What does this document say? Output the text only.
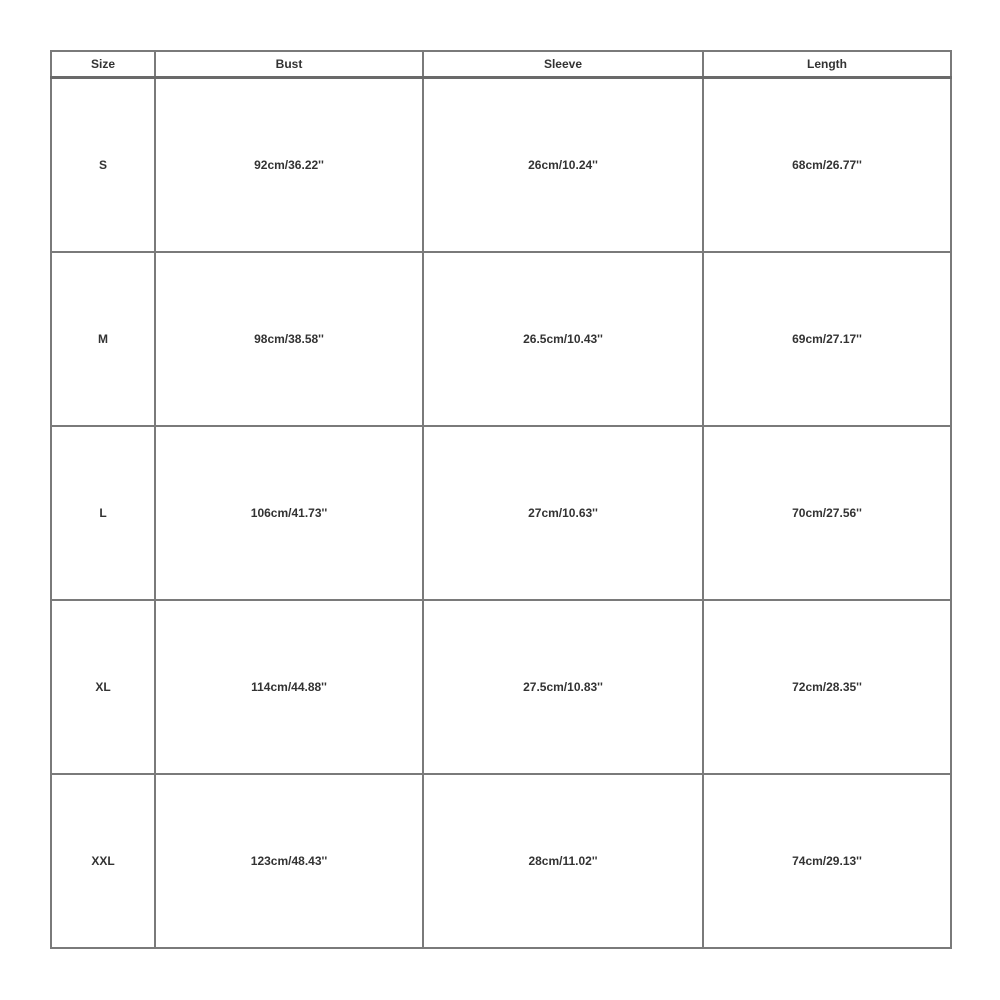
Size	Bust	Sleeve	Length
S	92cm/36.22''	26cm/10.24''	68cm/26.77''
M	98cm/38.58''	26.5cm/10.43''	69cm/27.17''
L	106cm/41.73''	27cm/10.63''	70cm/27.56''
XL	114cm/44.88''	27.5cm/10.83''	72cm/28.35''
XXL	123cm/48.43''	28cm/11.02''	74cm/29.13''
